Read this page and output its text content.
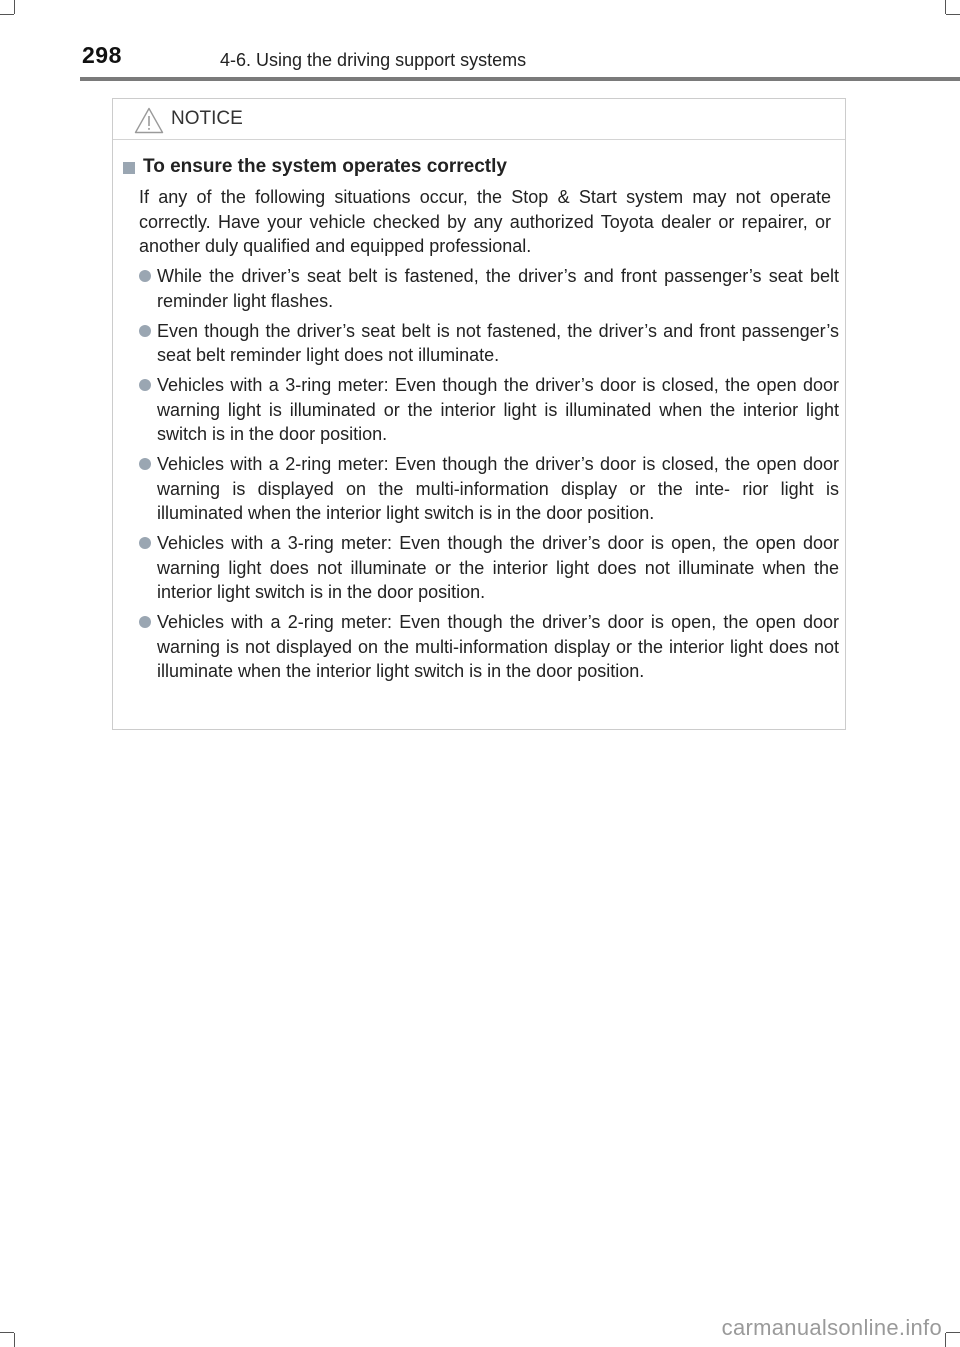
298	4-6. Using the driving support systems
NOTICE
To ensure the system operates correctly
If any of the following situations occur, the Stop & Start system may not operate correctly. Have your vehicle checked by any authorized Toyota dealer or repairer, or another duly qualified and equipped professional.
While the driver’s seat belt is fastened, the driver’s and front passenger’s seat belt reminder light flashes.
Even though the driver’s seat belt is not fastened, the driver’s and front passenger’s seat belt reminder light does not illuminate.
Vehicles with a 3-ring meter: Even though the driver’s door is closed, the open door warning light is illuminated or the interior light is illuminated when the interior light switch is in the door position.
Vehicles with a 2-ring meter: Even though the driver’s door is closed, the open door warning is displayed on the multi-information display or the inte- rior light is illuminated when the interior light switch is in the door position.
Vehicles with a 3-ring meter: Even though the driver’s door is open, the open door warning light does not illuminate or the interior light does not illuminate when the interior light switch is in the door position.
Vehicles with a 2-ring meter: Even though the driver’s door is open, the open door warning is not displayed on the multi-information display or the interior light does not illuminate when the interior light switch is in the door position.
carmanualsonline.info
